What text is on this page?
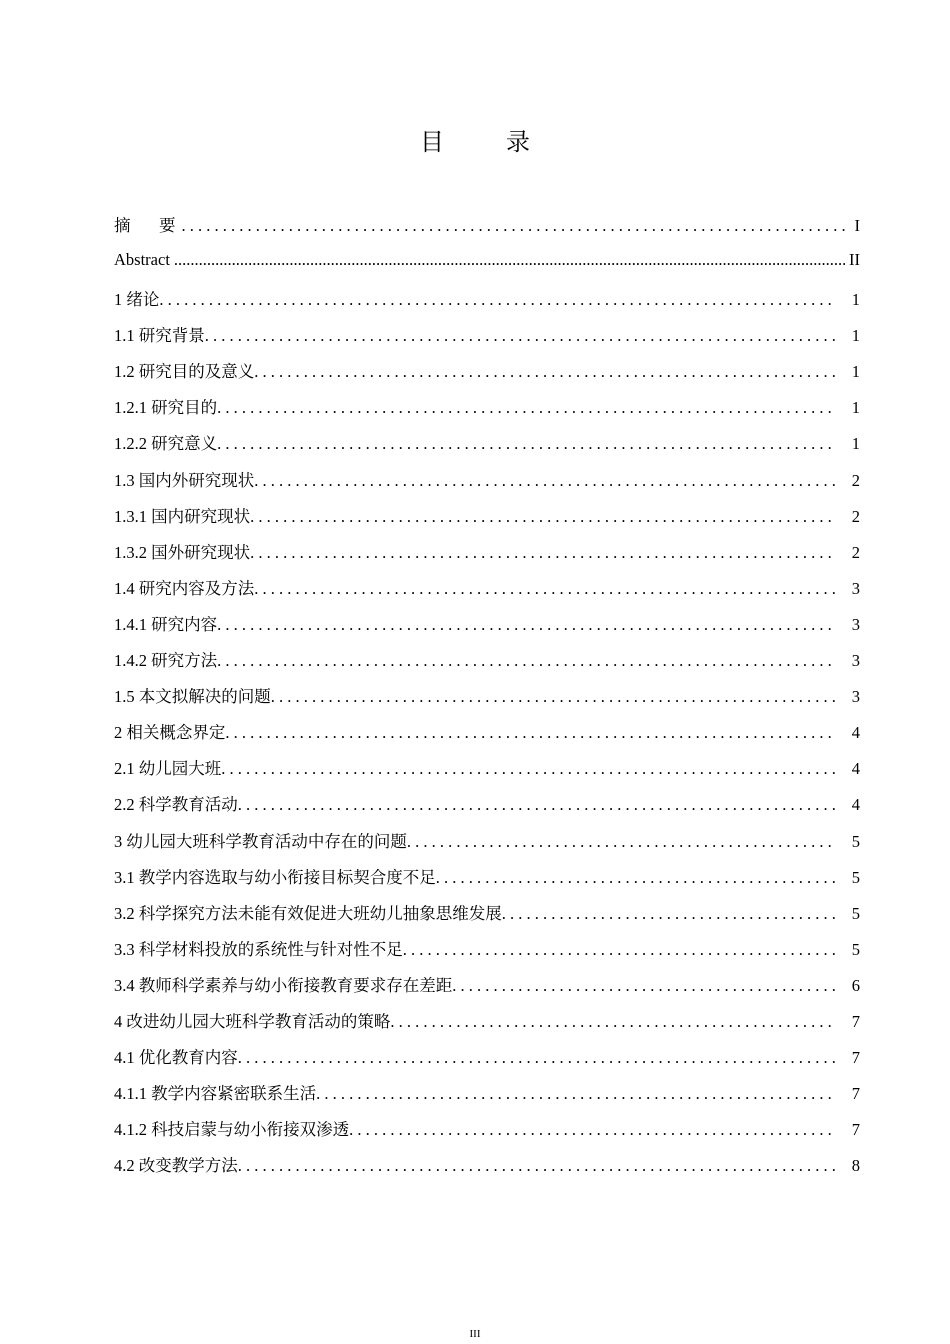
目 录
摘　要 . . .	I
Abstract .....	II
1 绪论 . . .	1
1.1 研究背景 . . .	1
1.2 研究目的及意义 . . .	1
1.2.1 研究目的 . . .	1
1.2.2 研究意义 . . .	1
1.3 国内外研究现状 . . .	2
1.3.1 国内研究现状 . . .	2
1.3.2 国外研究现状 . . .	2
1.4 研究内容及方法 . . .	3
1.4.1 研究内容 . . .	3
1.4.2 研究方法 . . .	3
1.5 本文拟解决的问题 . . .	3
2 相关概念界定 . . .	4
2.1 幼儿园大班 . . .	4
2.2 科学教育活动 . . .	4
3 幼儿园大班科学教育活动中存在的问题 . . .	5
3.1 教学内容选取与幼小衔接目标契合度不足 . . .	5
3.2 科学探究方法未能有效促进大班幼儿抽象思维发展 . . .	5
3.3 科学材料投放的系统性与针对性不足 . . .	5
3.4 教师科学素养与幼小衔接教育要求存在差距 . . .	6
4 改进幼儿园大班科学教育活动的策略 . . .	7
4.1 优化教育内容 . . .	7
4.1.1 教学内容紧密联系生活 . . .	7
4.1.2 科技启蒙与幼小衔接双渗透 . . .	7
4.2 改变教学方法 . . .	8
III
